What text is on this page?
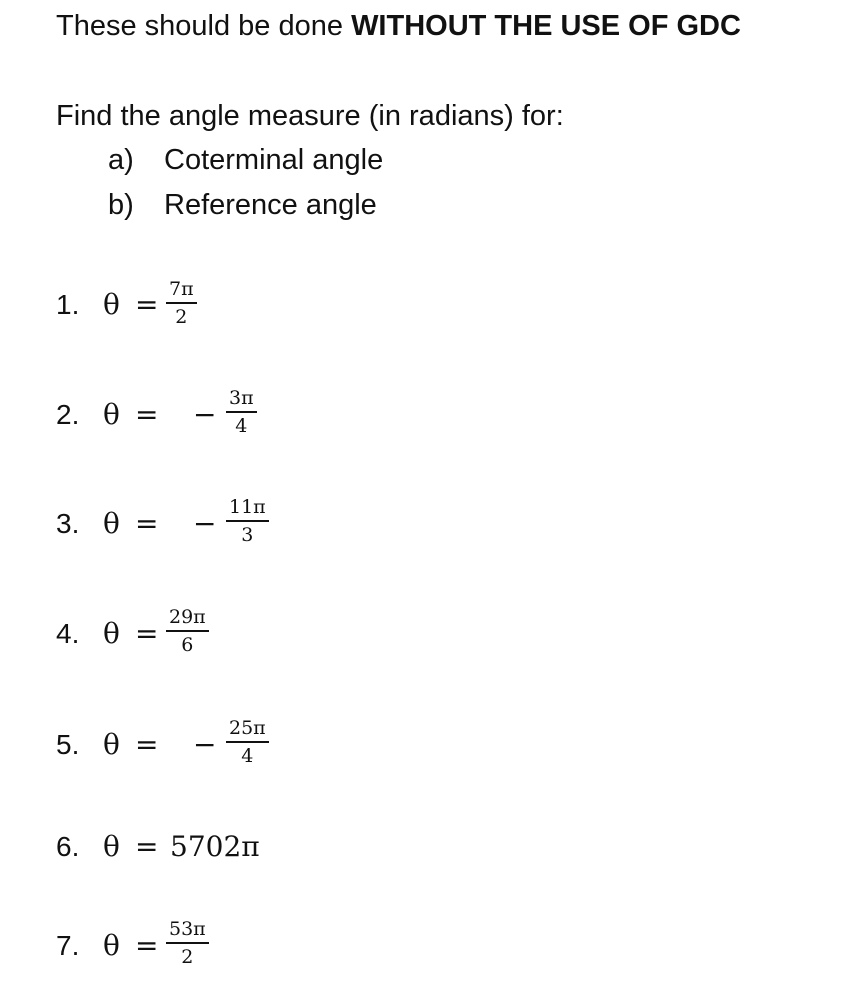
These should be done WITHOUT THE USE OF GDC
Find the angle measure (in radians) for:
a) Coterminal angle
b) Reference angle
1. θ = 7π
2
2. θ = − 3π
4
3. θ = − 11π
3
4. θ = 29π
6
5. θ = − 25π
4
6. θ = 5702π
7. θ = 53π
2
